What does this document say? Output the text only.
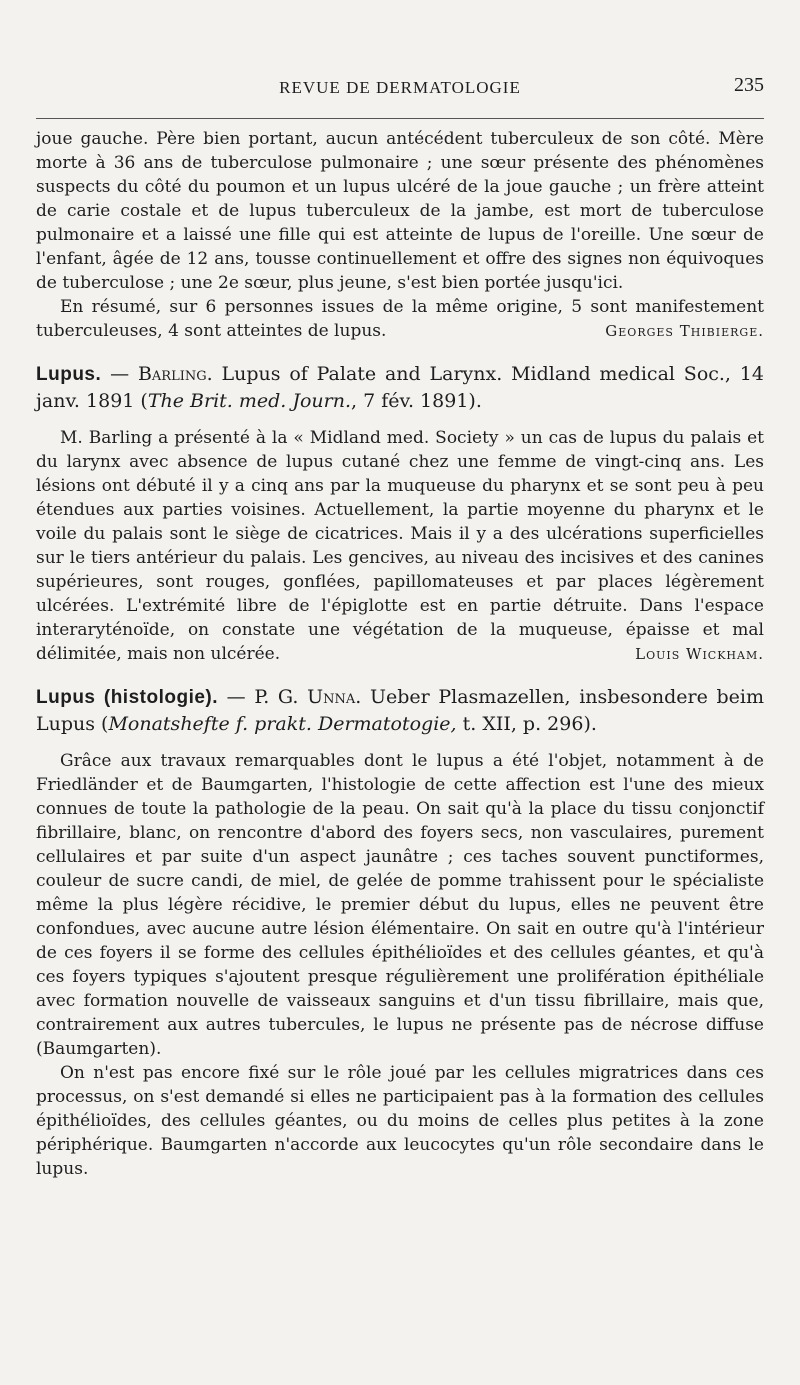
REVUE DE DERMATOLOGIE	235

joue gauche. Père bien portant, aucun antécédent tuberculeux de son côté. Mère morte à 36 ans de tuberculose pulmonaire ; une sœur présente des phénomènes suspects du côté du poumon et un lupus ulcéré de la joue gauche ; un frère atteint de carie costale et de lupus tuberculeux de la jambe, est mort de tuberculose pulmonaire et a laissé une fille qui est atteinte de lupus de l'oreille. Une sœur de l'enfant, âgée de 12 ans, tousse continuellement et offre des signes non équivoques de tuberculose ; une 2e sœur, plus jeune, s'est bien portée jusqu'ici.

En résumé, sur 6 personnes issues de la même origine, 5 sont manifestement tuberculeuses, 4 sont atteintes de lupus.	Georges Thibierge.

Lupus. — Barling. Lupus of Palate and Larynx. Midland medical Soc., 14 janv. 1891 (The Brit. med. Journ., 7 fév. 1891).

M. Barling a présenté à la « Midland med. Society » un cas de lupus du palais et du larynx avec absence de lupus cutané chez une femme de vingt-cinq ans. Les lésions ont débuté il y a cinq ans par la muqueuse du pharynx et se sont peu à peu étendues aux parties voisines. Actuellement, la partie moyenne du pharynx et le voile du palais sont le siège de cicatrices. Mais il y a des ulcérations superficielles sur le tiers antérieur du palais. Les gencives, au niveau des incisives et des canines supérieures, sont rouges, gonflées, papillomateuses et par places légèrement ulcérées. L'extrémité libre de l'épiglotte est en partie détruite. Dans l'espace interaryténoïde, on constate une végétation de la muqueuse, épaisse et mal délimitée, mais non ulcérée.	Louis Wickham.

Lupus (histologie). — P. G. Unna. Ueber Plasmazellen, insbesondere beim Lupus (Monatshefte f. prakt. Dermatotogie, t. XII, p. 296).

Grâce aux travaux remarquables dont le lupus a été l'objet, notamment à de Friedländer et de Baumgarten, l'histologie de cette affection est l'une des mieux connues de toute la pathologie de la peau. On sait qu'à la place du tissu conjonctif fibrillaire, blanc, on rencontre d'abord des foyers secs, non vasculaires, purement cellulaires et par suite d'un aspect jaunâtre ; ces taches souvent punctiformes, couleur de sucre candi, de miel, de gelée de pomme trahissent pour le spécialiste même la plus légère récidive, le premier début du lupus, elles ne peuvent être confondues, avec aucune autre lésion élémentaire. On sait en outre qu'à l'intérieur de ces foyers il se forme des cellules épithélioïdes et des cellules géantes, et qu'à ces foyers typiques s'ajoutent presque régulièrement une prolifération épithéliale avec formation nouvelle de vaisseaux sanguins et d'un tissu fibrillaire, mais que, contrairement aux autres tubercules, le lupus ne présente pas de nécrose diffuse (Baumgarten).

On n'est pas encore fixé sur le rôle joué par les cellules migratrices dans ces processus, on s'est demandé si elles ne participaient pas à la formation des cellules épithélioïdes, des cellules géantes, ou du moins de celles plus petites à la zone périphérique. Baumgarten n'accorde aux leucocytes qu'un rôle secondaire dans le lupus.
